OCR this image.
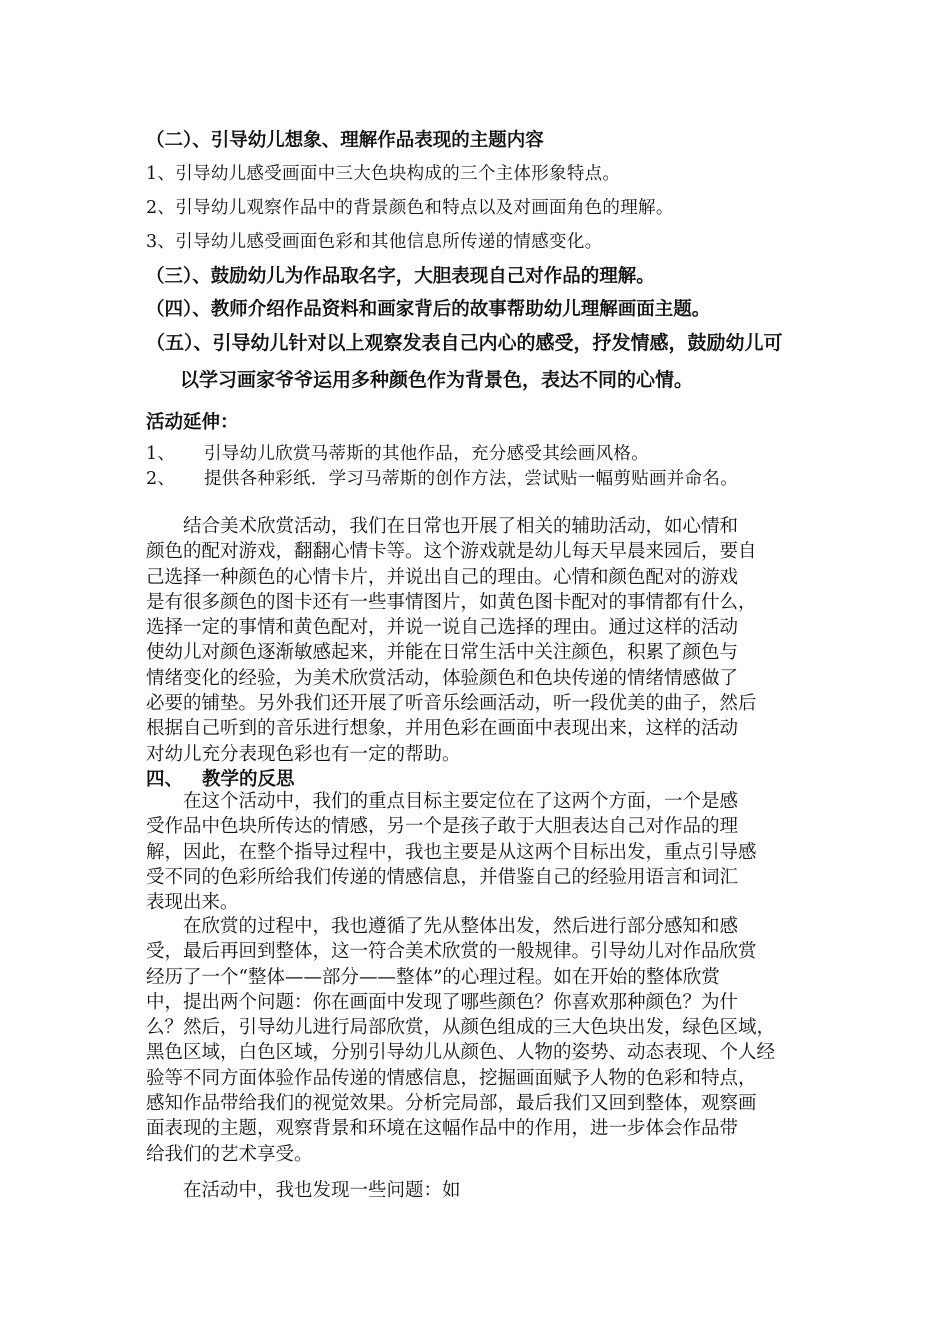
（二）、引导幼儿想象、理解作品表现的主题内容
1、引导幼儿感受画面中三大色块构成的三个主体形象特点。
2、引导幼儿观察作品中的背景颜色和特点以及对画面角色的理解。
3、引导幼儿感受画面色彩和其他信息所传递的情感变化。
（三）、鼓励幼儿为作品取名字，大胆表现自己对作品的理解。
（四）、教师介绍作品资料和画家背后的故事帮助幼儿理解画面主题。
（五）、引导幼儿针对以上观察发表自己内心的感受，抒发情感，鼓励幼儿可
以学习画家爷爷运用多种颜色作为背景色，表达不同的心情。
活动延伸：
1、 引导幼儿欣赏马蒂斯的其他作品，充分感受其绘画风格。
2、 提供各种彩纸．学习马蒂斯的创作方法，尝试贴一幅剪贴画并命名。
　　结合美术欣赏活动，我们在日常也开展了相关的辅助活动，如心情和
颜色的配对游戏，翻翻心情卡等。这个游戏就是幼儿每天早晨来园后，要自
己选择一种颜色的心情卡片，并说出自己的理由。心情和颜色配对的游戏
是有很多颜色的图卡还有一些事情图片，如黄色图卡配对的事情都有什么，
选择一定的事情和黄色配对，并说一说自己选择的理由。通过这样的活动
使幼儿对颜色逐渐敏感起来，并能在日常生活中关注颜色，积累了颜色与
情绪变化的经验，为美术欣赏活动，体验颜色和色块传递的情绪情感做了
必要的铺垫。另外我们还开展了听音乐绘画活动，听一段优美的曲子，然后
根据自己听到的音乐进行想象，并用色彩在画面中表现出来，这样的活动
对幼儿充分表现色彩也有一定的帮助。
四、 教学的反思
　　在这个活动中，我们的重点目标主要定位在了这两个方面，一个是感
受作品中色块所传达的情感，另一个是孩子敢于大胆表达自己对作品的理
解，因此，在整个指导过程中，我也主要是从这两个目标出发，重点引导感
受不同的色彩所给我们传递的情感信息，并借鉴自己的经验用语言和词汇
表现出来。
　　在欣赏的过程中，我也遵循了先从整体出发，然后进行部分感知和感
受，最后再回到整体，这一符合美术欣赏的一般规律。引导幼儿对作品欣赏
经历了一个“整体——部分——整体”的心理过程。如在开始的整体欣赏
中，提出两个问题：你在画面中发现了哪些颜色？你喜欢那种颜色？为什
么？然后，引导幼儿进行局部欣赏，从颜色组成的三大色块出发，绿色区域，
黑色区域，白色区域，分别引导幼儿从颜色、人物的姿势、动态表现、个人经
验等不同方面体验作品传递的情感信息，挖掘画面赋予人物的色彩和特点，
感知作品带给我们的视觉效果。分析完局部，最后我们又回到整体，观察画
面表现的主题，观察背景和环境在这幅作品中的作用，进一步体会作品带
给我们的艺术享受。
　　在活动中，我也发现一些问题：如
